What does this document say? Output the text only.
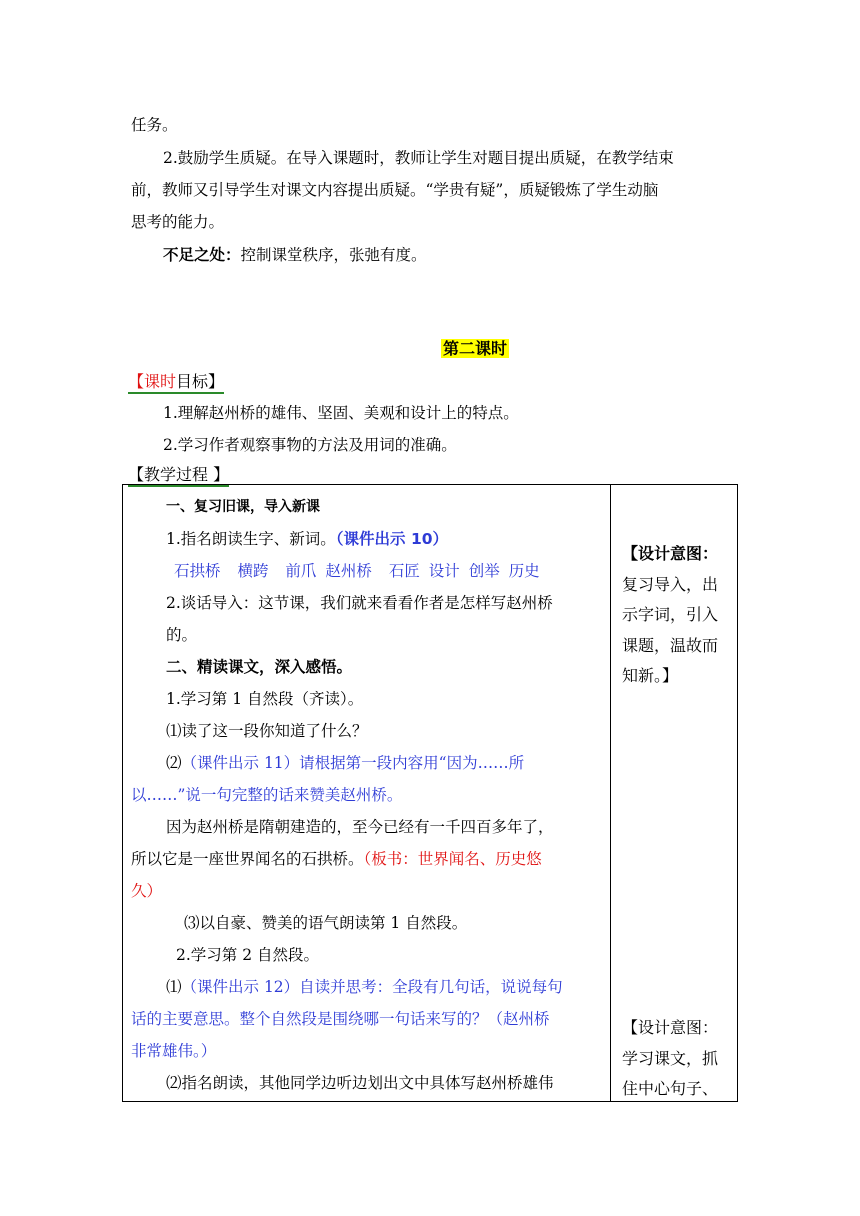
任务。
2.鼓励学生质疑。在导入课题时，教师让学生对题目提出质疑，在教学结束
前，教师又引导学生对课文内容提出质疑。“学贵有疑”，质疑锻炼了学生动脑
思考的能力。
不足之处：控制课堂秩序，张弛有度。
第二课时
【课时目标】
1.理解赵州桥的雄伟、坚固、美观和设计上的特点。
2.学习作者观察事物的方法及用词的准确。
【教学过程 】
一、复习旧课，导入新课
1.指名朗读生字、新词。（课件出示 10）
石拱桥 横跨 前爪 赵州桥 石匠 设计 创举 历史
2.谈话导入：这节课，我们就来看看作者是怎样写赵州桥
的。
二、精读课文，深入感悟。
1.学习第 1 自然段（齐读）。
⑴读了这一段你知道了什么？
⑵（课件出示 11）请根据第一段内容用“因为……所
以……”说一句完整的话来赞美赵州桥。
因为赵州桥是隋朝建造的，至今已经有一千四百多年了，
所以它是一座世界闻名的石拱桥。（板书：世界闻名、历史悠
久）
⑶以自豪、赞美的语气朗读第 1 自然段。
2.学习第 2 自然段。
⑴（课件出示 12）自读并思考：全段有几句话，说说每句
话的主要意思。整个自然段是围绕哪一句话来写的？（赵州桥
非常雄伟。）
⑵指名朗读，其他同学边听边划出文中具体写赵州桥雄伟
【设计意图：
复习导入，出
示字词，引入
课题，温故而
知新。】
【设计意图：
学习课文，抓
住中心句子、
